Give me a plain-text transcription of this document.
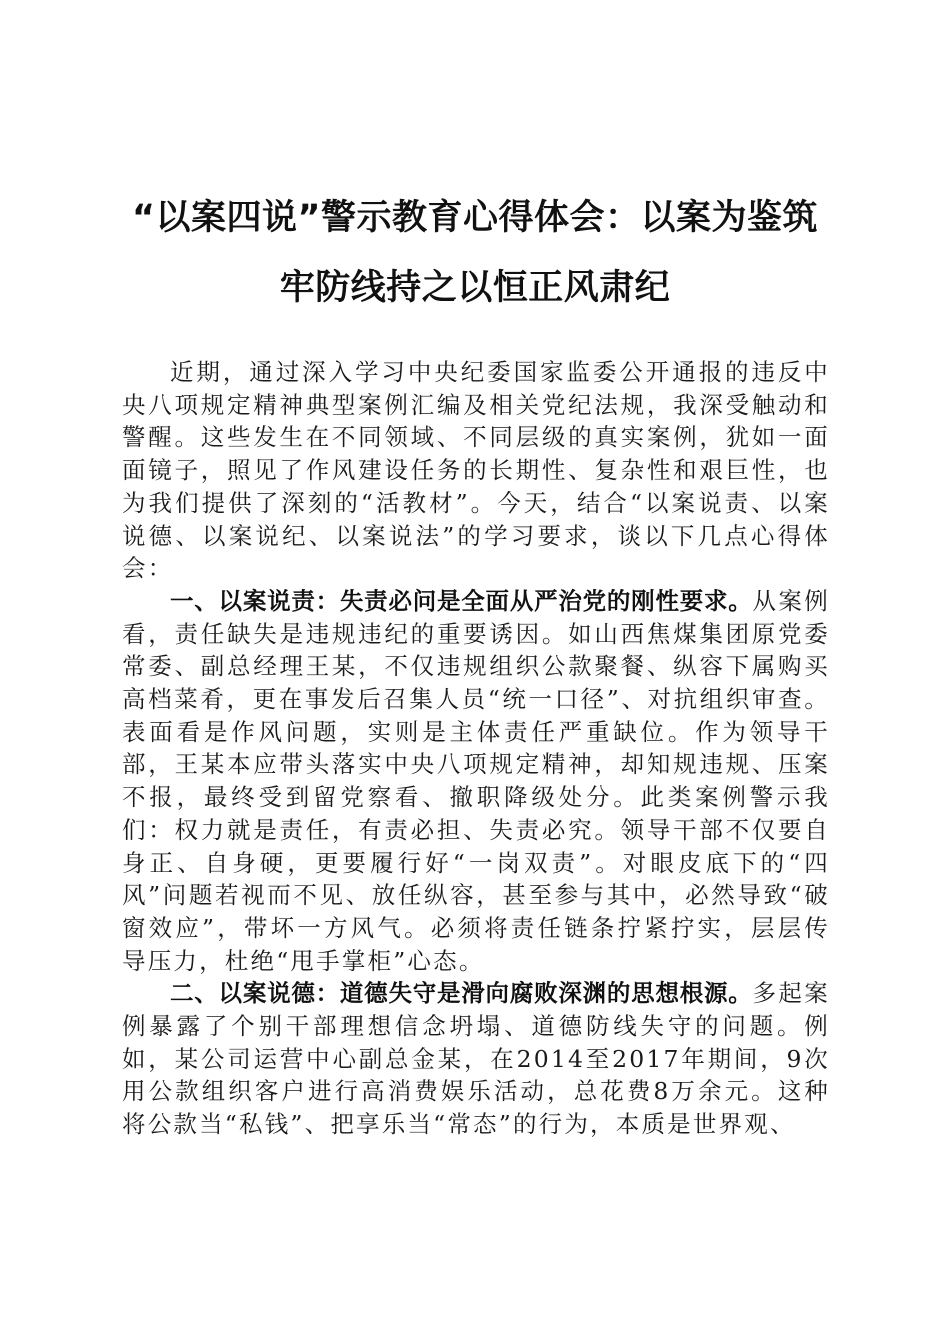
“以案四说”警示教育心得体会：以案为鉴筑
牢防线持之以恒正风肃纪

近期，通过深入学习中央纪委国家监委公开通报的违反中央八项规定精神典型案例汇编及相关党纪法规，我深受触动和警醒。这些发生在不同领域、不同层级的真实案例，犹如一面面镜子，照见了作风建设任务的长期性、复杂性和艰巨性，也为我们提供了深刻的“活教材”。今天，结合“以案说责、以案说德、以案说纪、以案说法”的学习要求，谈以下几点心得体会：

一、以案说责：失责必问是全面从严治党的刚性要求。从案例看，责任缺失是违规违纪的重要诱因。如山西焦煤集团原党委常委、副总经理王某，不仅违规组织公款聚餐、纵容下属购买高档菜肴，更在事发后召集人员“统一口径”、对抗组织审查。表面看是作风问题，实则是主体责任严重缺位。作为领导干部，王某本应带头落实中央八项规定精神，却知规违规、压案不报，最终受到留党察看、撤职降级处分。此类案例警示我们：权力就是责任，有责必担、失责必究。领导干部不仅要自身正、自身硬，更要履行好“一岗双责”。对眼皮底下的“四风”问题若视而不见、放任纵容，甚至参与其中，必然导致“破窗效应”，带坏一方风气。必须将责任链条拧紧拧实，层层传导压力，杜绝“甩手掌柜”心态。

二、以案说德：道德失守是滑向腐败深渊的思想根源。多起案例暴露了个别干部理想信念坍塌、道德防线失守的问题。例如，某公司运营中心副总金某，在2014至2017年期间，9次用公款组织客户进行高消费娱乐活动，总花费8万余元。这种将公款当“私钱”、把享乐当“常态”的行为，本质是世界观、
